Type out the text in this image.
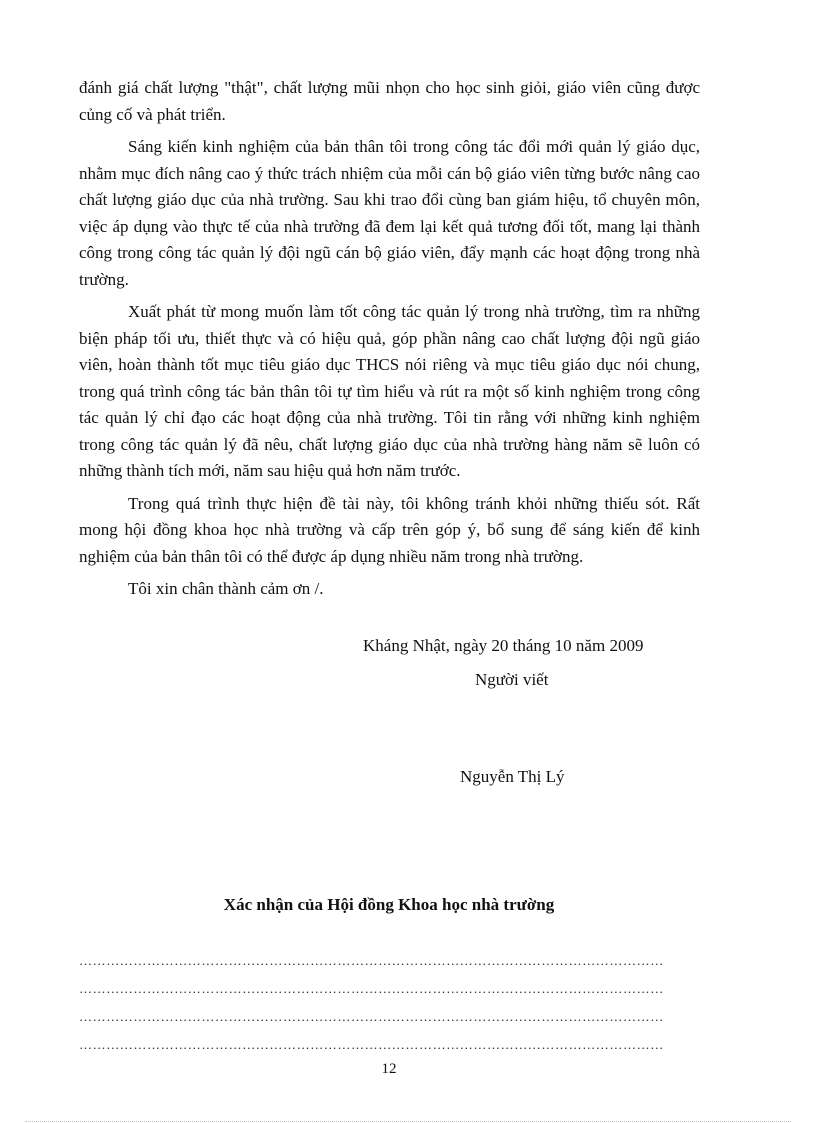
đánh giá chất lượng "thật", chất lượng mũi nhọn cho học sinh giỏi, giáo viên cũng được củng cố và phát triển.

Sáng kiến kinh nghiệm của bản thân tôi trong công tác đổi mới quản lý giáo dục, nhằm mục đích nâng cao ý thức trách nhiệm của mỗi cán bộ giáo viên từng bước nâng cao chất lượng giáo dục của nhà trường. Sau khi trao đổi cùng ban giám hiệu, tổ chuyên môn, việc áp dụng vào thực tế của nhà trường đã đem lại kết quả tương đối tốt, mang lại thành công trong công tác quản lý đội ngũ cán bộ giáo viên, đẩy mạnh các hoạt động trong nhà trường.

Xuất phát từ mong muốn làm tốt công tác quản lý trong nhà trường, tìm ra những biện pháp tối ưu, thiết thực và có hiệu quả, góp phần nâng cao chất lượng đội ngũ giáo viên, hoàn thành tốt mục tiêu giáo dục THCS nói riêng và mục tiêu giáo dục nói chung, trong quá trình công tác bản thân tôi tự tìm hiểu và rút ra một số kinh nghiệm trong công tác quản lý chỉ đạo các hoạt động của nhà trường. Tôi tin rằng với những kinh nghiệm trong công tác quản lý đã nêu, chất lượng giáo dục của nhà trường hàng năm sẽ luôn có những thành tích mới, năm sau hiệu quả hơn năm trước.

Trong quá trình thực hiện đề tài này, tôi không tránh khỏi những thiếu sót. Rất mong hội đồng khoa học nhà trường và cấp trên góp ý, bổ sung để sáng kiến để kinh nghiệm của bản thân tôi có thể được áp dụng nhiều năm trong nhà trường.

Tôi xin chân thành cảm ơn /.

Kháng Nhật, ngày 20 tháng 10 năm 2009
Người viết
Nguyễn Thị Lý
Xác nhận của Hội đồng Khoa học nhà trường
…………………………………………………………………………………………………………………
…………………………………………………………………………………………………………………
…………………………………………………………………………………………………………………
…………………………………………………………………………………………………………………
12
